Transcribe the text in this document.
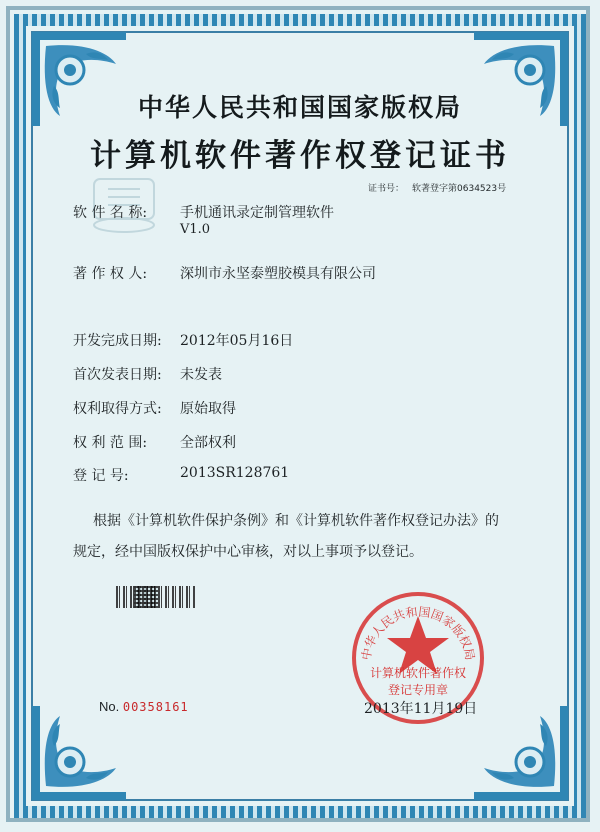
中华人民共和国国家版权局
计算机软件著作权登记证书
证书号： 软著登字第0634523号
软 件 名 称:	手机通讯录定制管理软件
V1.0
著 作 权 人:	深圳市永坚泰塑胶模具有限公司
开发完成日期:	2012年05月16日
首次发表日期:	未发表
权利取得方式:	原始取得
权 利 范 围:	全部权利
登 记 号:	2013SR128761
根据《计算机软件保护条例》和《计算机软件著作权登记办法》的
规定，经中国版权保护中心审核，对以上事项予以登记。
中华人民共和国国家版权局
计算机软件著作权
登记专用章
No. 00358161	2013年11月19日
